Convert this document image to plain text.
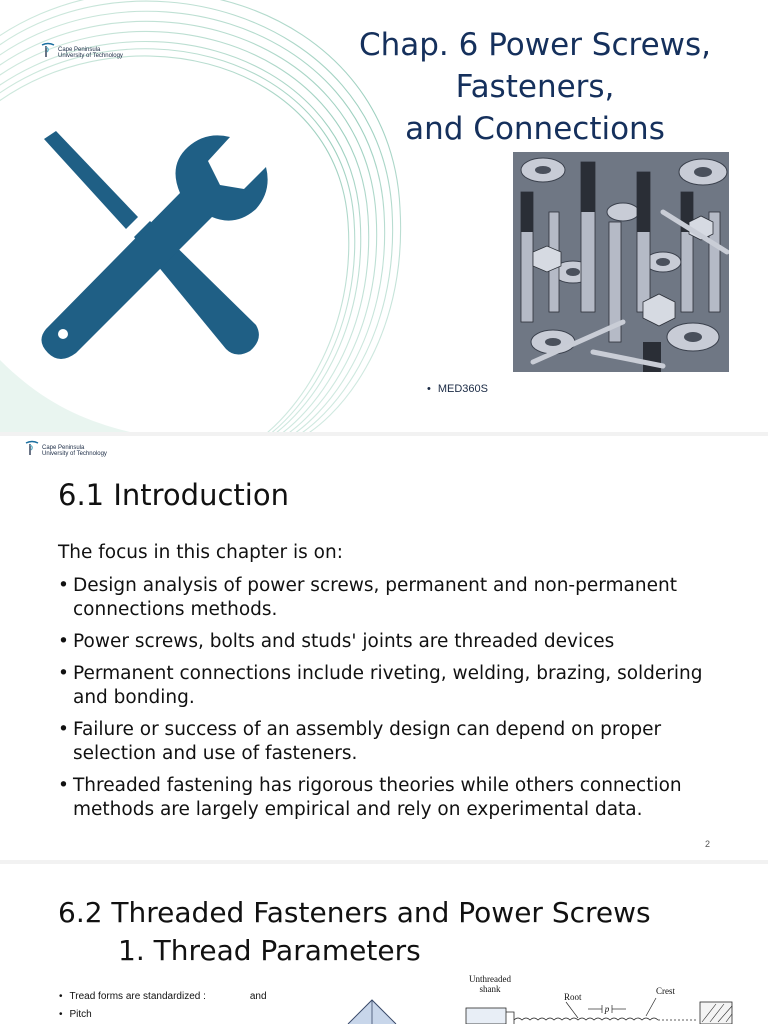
Cape Peninsula
University of Technology	Chap. 6 Power Screws,
Fasteners,
and Connections
• MED360S
Cape Peninsula
University of Technology
6.1 Introduction

The focus in this chapter is on:

• Design analysis of power screws, permanent and non-permanent connections methods.
• Power screws, bolts and studs' joints are threaded devices
• Permanent connections include riveting, welding, brazing, soldering and bonding.
• Failure or success of an assembly design can depend on proper selection and use of fasteners.
• Threaded fastening has rigorous theories while others connection methods are largely empirical and rely on experimental data.
2
6.2 Threaded Fasteners and Power Screws
1. Thread Parameters
• Tread forms are standardized :	and
• Pitch	p
Unthreaded
shank
Root
Crest
